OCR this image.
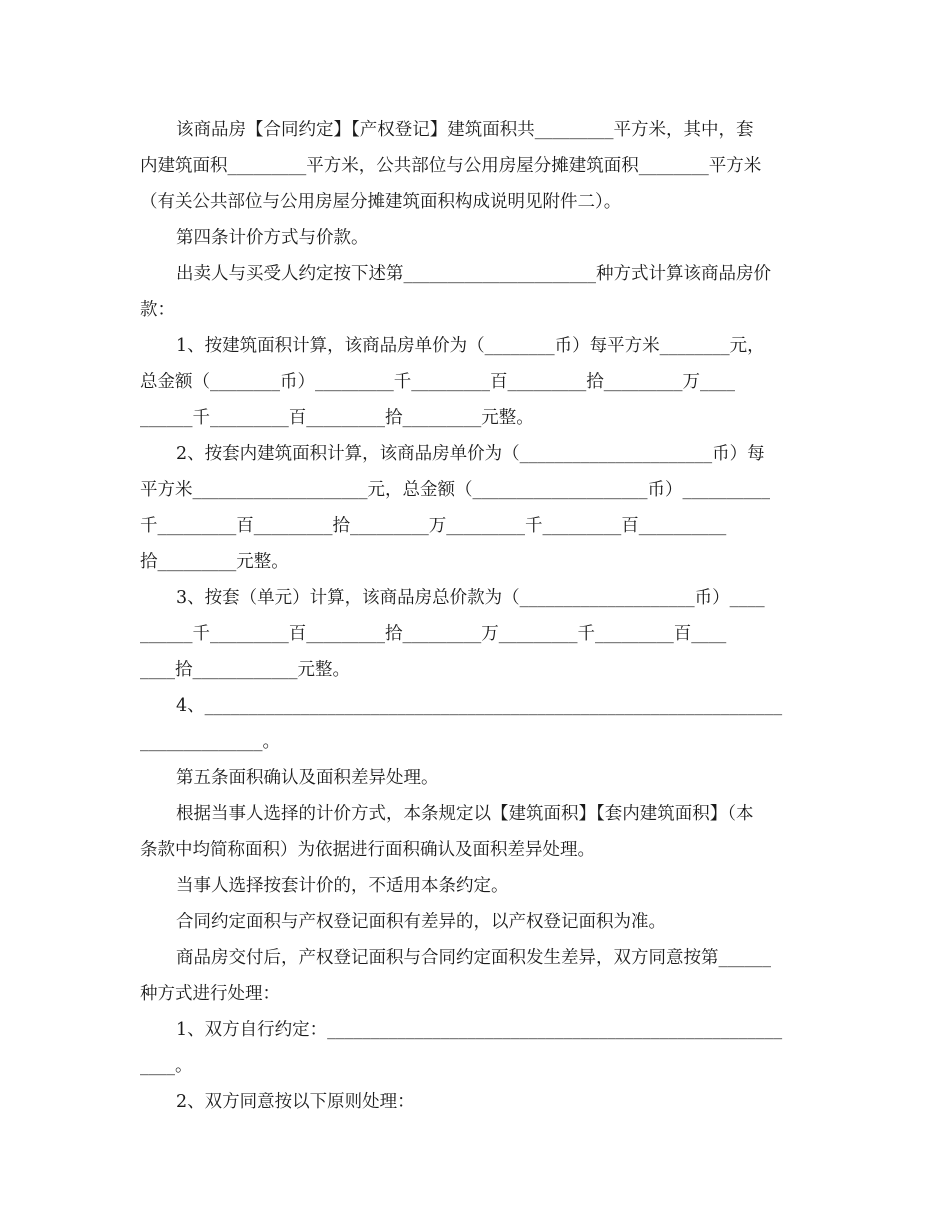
该商品房【合同约定】【产权登记】建筑面积共_________平方米，其中，套
内建筑面积_________平方米，公共部位与公用房屋分摊建筑面积________平方米
（有关公共部位与公用房屋分摊建筑面积构成说明见附件二）。
第四条计价方式与价款。
出卖人与买受人约定按下述第______________________种方式计算该商品房价
款：
1、按建筑面积计算，该商品房单价为（________币）每平方米________元，
总金额（________币）_________千_________百_________拾_________万____
______千_________百_________拾_________元整。
2、按套内建筑面积计算，该商品房单价为（______________________币）每
平方米____________________元，总金额（____________________币）__________
千_________百_________拾_________万_________千_________百__________
拾_________元整。
3、按套（单元）计算，该商品房总价款为（____________________币）____
______千_________百_________拾_________万_________千_________百____
____拾____________元整。
4、__________________________________________________________________
______________。
第五条面积确认及面积差异处理。
根据当事人选择的计价方式，本条规定以【建筑面积】【套内建筑面积】（本
条款中均简称面积）为依据进行面积确认及面积差异处理。
当事人选择按套计价的，不适用本条约定。
合同约定面积与产权登记面积有差异的，以产权登记面积为准。
商品房交付后，产权登记面积与合同约定面积发生差异，双方同意按第______
种方式进行处理：
1、双方自行约定：____________________________________________________
____。
2、双方同意按以下原则处理：
